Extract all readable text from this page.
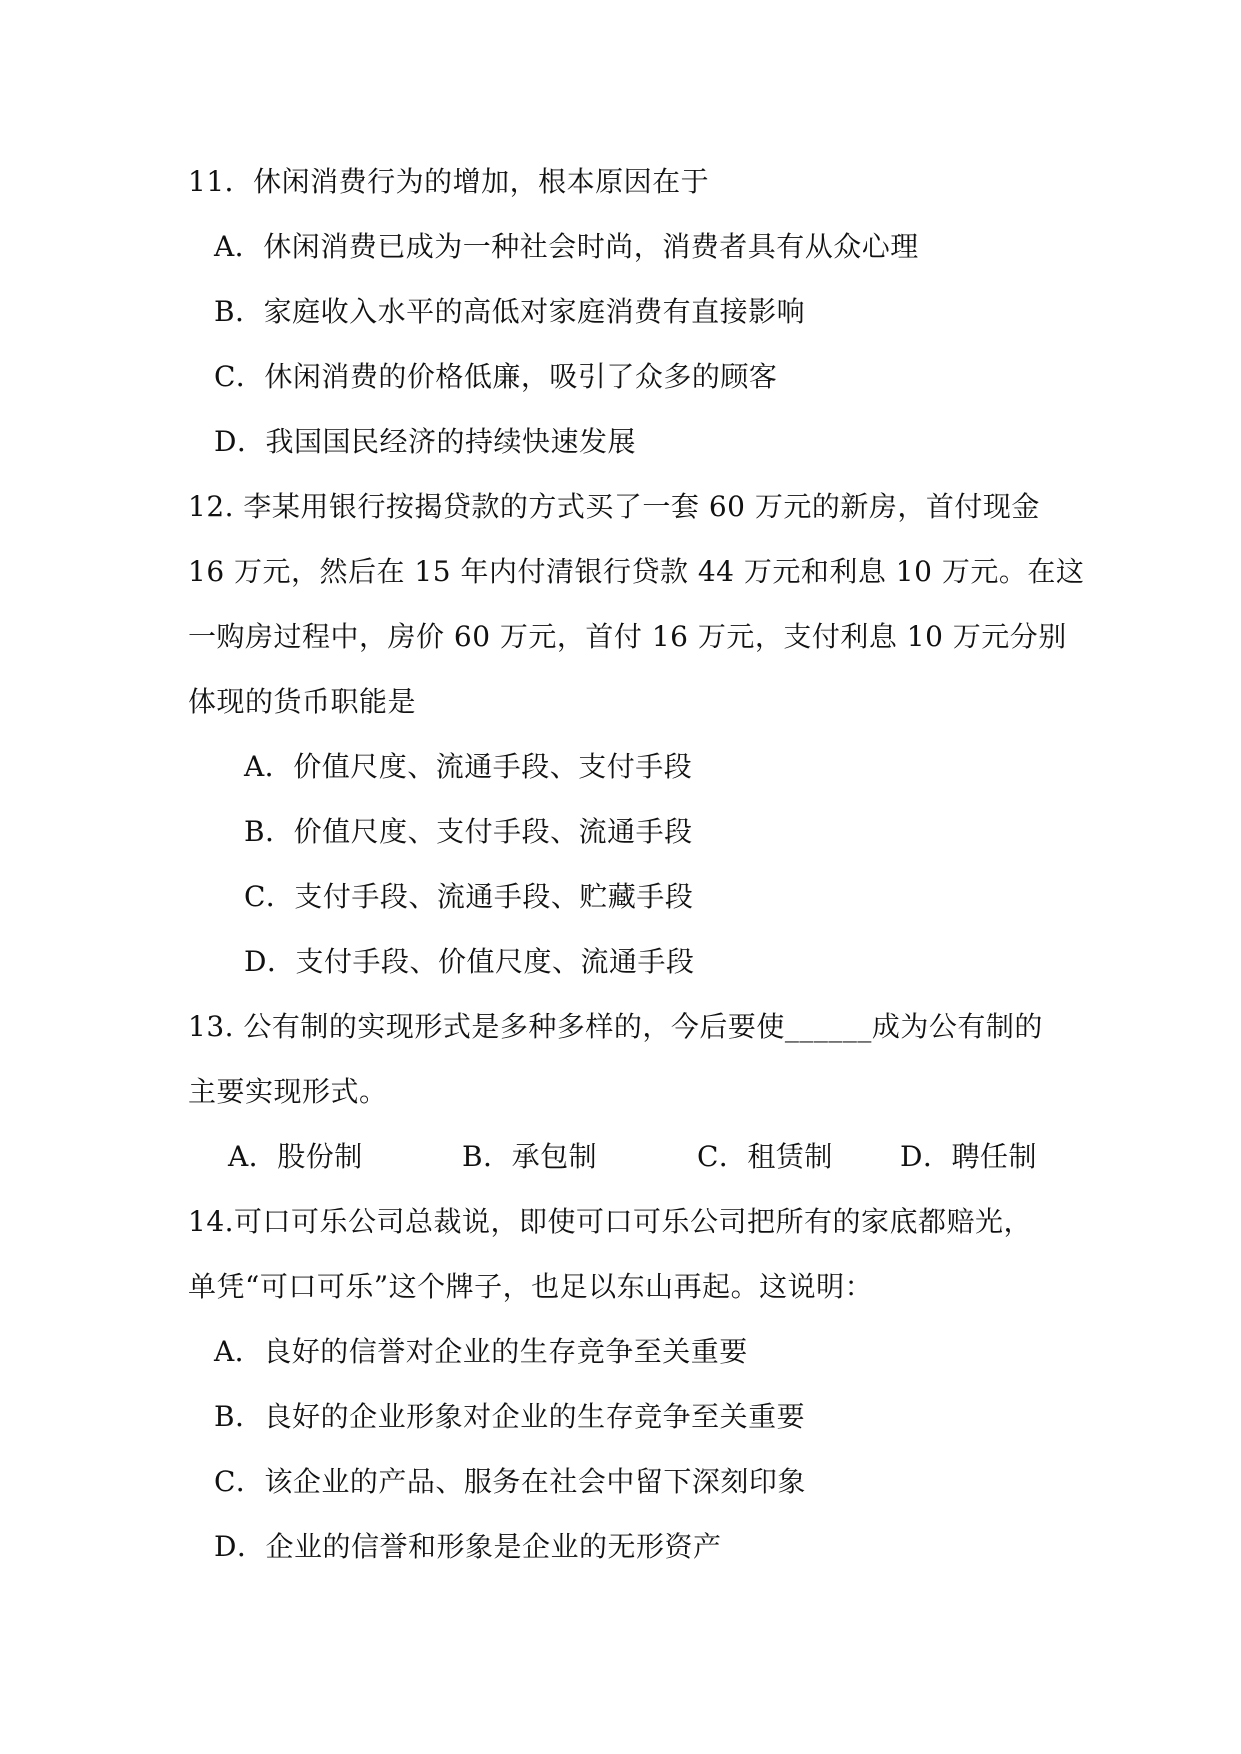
11．休闲消费行为的增加，根本原因在于
A．休闲消费已成为一种社会时尚，消费者具有从众心理
B．家庭收入水平的高低对家庭消费有直接影响
C．休闲消费的价格低廉，吸引了众多的顾客
D．我国国民经济的持续快速发展
12. 李某用银行按揭贷款的方式买了一套 60 万元的新房，首付现金
16 万元，然后在 15 年内付清银行贷款 44 万元和利息 10 万元。在这
一购房过程中，房价 60 万元，首付 16 万元，支付利息 10 万元分别
体现的货币职能是
A．价值尺度、流通手段、支付手段
B．价值尺度、支付手段、流通手段
C．支付手段、流通手段、贮藏手段
D．支付手段、价值尺度、流通手段
13. 公有制的实现形式是多种多样的，今后要使______成为公有制的
主要实现形式。
A．股份制	B．承包制	C．租赁制 D．聘任制
14.可口可乐公司总裁说，即使可口可乐公司把所有的家底都赔光，
单凭“可口可乐”这个牌子，也足以东山再起。这说明：
A．良好的信誉对企业的生存竞争至关重要
B．良好的企业形象对企业的生存竞争至关重要
C．该企业的产品、服务在社会中留下深刻印象
D．企业的信誉和形象是企业的无形资产
